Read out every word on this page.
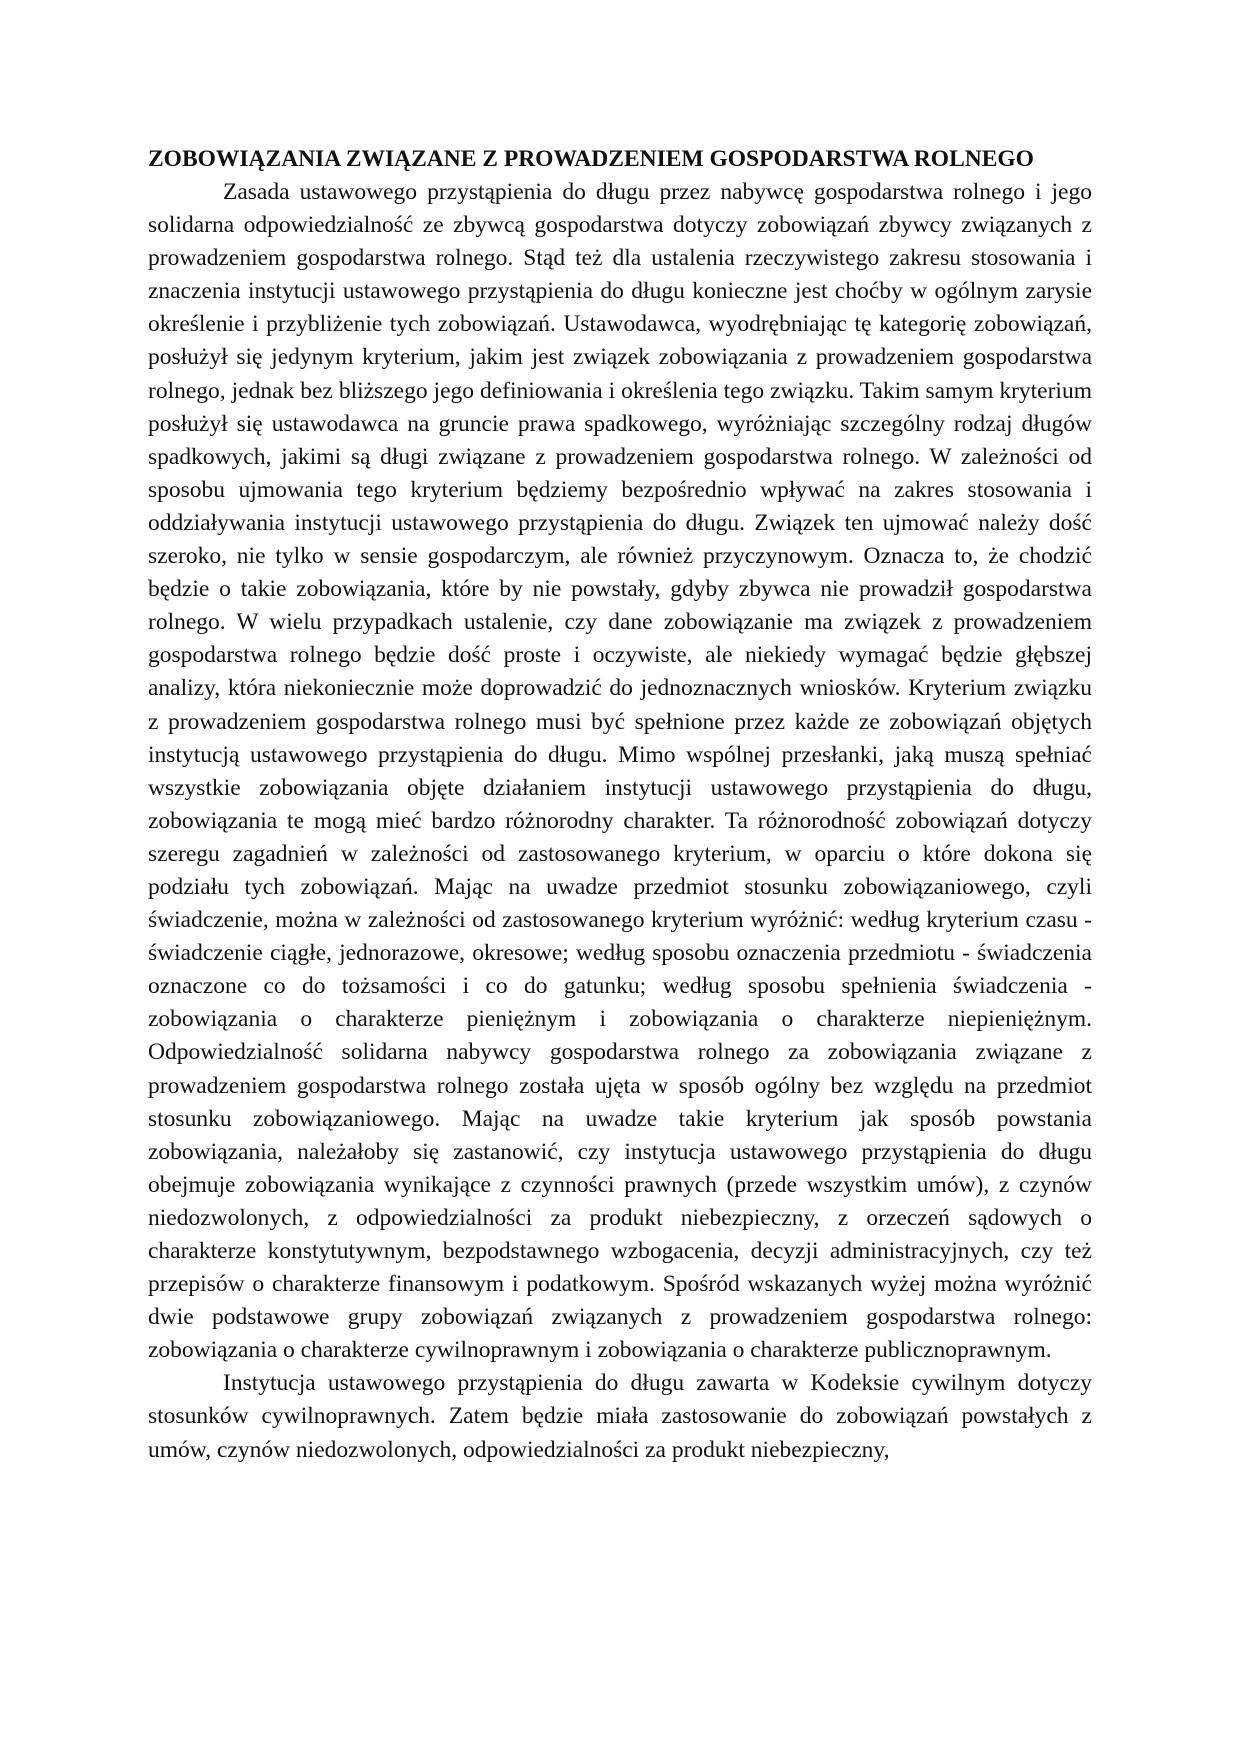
ZOBOWIĄZANIA ZWIĄZANE Z PROWADZENIEM GOSPODARSTWA ROLNEGO

Zasada ustawowego przystąpienia do długu przez nabywcę gospodarstwa rolnego i jego solidarna odpowiedzialność ze zbywcą gospodarstwa dotyczy zobowiązań zbywcy związanych z prowadzeniem gospodarstwa rolnego. Stąd też dla ustalenia rzeczywistego zakresu stosowania i znaczenia instytucji ustawowego przystąpienia do długu konieczne jest choćby w ogólnym zarysie określenie i przybliżenie tych zobowiązań. Ustawodawca, wyodrębniając tę kategorię zobowiązań, posłużył się jedynym kryterium, jakim jest związek zobowiązania z prowadzeniem gospodarstwa rolnego, jednak bez bliższego jego definiowania i określenia tego związku. Takim samym kryterium posłużył się ustawodawca na gruncie prawa spadkowego, wyróżniając szczególny rodzaj długów spadkowych, jakimi są długi związane z prowadzeniem gospodarstwa rolnego. W zależności od sposobu ujmowania tego kryterium będziemy bezpośrednio wpływać na zakres stosowania i oddziaływania instytucji ustawowego przystąpienia do długu. Związek ten ujmować należy dość szeroko, nie tylko w sensie gospodarczym, ale również przyczynowym. Oznacza to, że chodzić będzie o takie zobowiązania, które by nie powstały, gdyby zbywca nie prowadził gospodarstwa rolnego. W wielu przypadkach ustalenie, czy dane zobowiązanie ma związek z prowadzeniem gospodarstwa rolnego będzie dość proste i oczywiste, ale niekiedy wymagać będzie głębszej analizy, która niekoniecznie może doprowadzić do jednoznacznych wniosków. Kryterium związku z prowadzeniem gospodarstwa rolnego musi być spełnione przez każde ze zobowiązań objętych instytucją ustawowego przystąpienia do długu. Mimo wspólnej przesłanki, jaką muszą spełniać wszystkie zobowiązania objęte działaniem instytucji ustawowego przystąpienia do długu, zobowiązania te mogą mieć bardzo różnorodny charakter. Ta różnorodność zobowiązań dotyczy szeregu zagadnień w zależności od zastosowanego kryterium, w oparciu o które dokona się podziału tych zobowiązań. Mając na uwadze przedmiot stosunku zobowiązaniowego, czyli świadczenie, można w zależności od zastosowanego kryterium wyróżnić: według kryterium czasu - świadczenie ciągłe, jednorazowe, okresowe; według sposobu oznaczenia przedmiotu - świadczenia oznaczone co do tożsamości i co do gatunku; według sposobu spełnienia świadczenia - zobowiązania o charakterze pieniężnym i zobowiązania o charakterze niepieniężnym. Odpowiedzialność solidarna nabywcy gospodarstwa rolnego za zobowiązania związane z prowadzeniem gospodarstwa rolnego została ujęta w sposób ogólny bez względu na przedmiot stosunku zobowiązaniowego. Mając na uwadze takie kryterium jak sposób powstania zobowiązania, należałoby się zastanowić, czy instytucja ustawowego przystąpienia do długu obejmuje zobowiązania wynikające z czynności prawnych (przede wszystkim umów), z czynów niedozwolonych, z odpowiedzialności za produkt niebezpieczny, z orzeczeń sądowych o charakterze konstytutywnym, bezpodstawnego wzbogacenia, decyzji administracyjnych, czy też przepisów o charakterze finansowym i podatkowym. Spośród wskazanych wyżej można wyróżnić dwie podstawowe grupy zobowiązań związanych z prowadzeniem gospodarstwa rolnego: zobowiązania o charakterze cywilnoprawnym i zobowiązania o charakterze publicznoprawnym.

Instytucja ustawowego przystąpienia do długu zawarta w Kodeksie cywilnym dotyczy stosunków cywilnoprawnych. Zatem będzie miała zastosowanie do zobowiązań powstałych z umów, czynów niedozwolonych, odpowiedzialności za produkt niebezpieczny,
